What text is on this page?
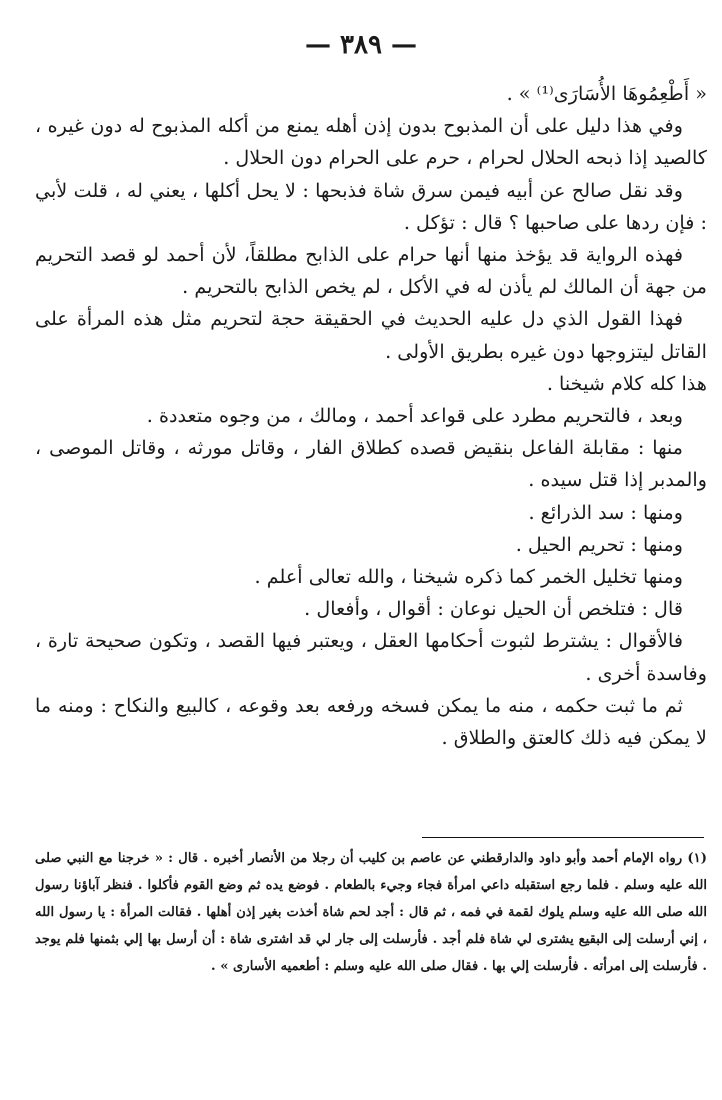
— ٣٨٩ —

« أَطْعِمُوهَا الأُسَارَى⁽¹⁾ » .

وفي هذا دليل على أن المذبوح بدون إذن أهله يمنع من أكله المذبوح له دون غيره ، كالصيد إذا ذبحه الحلال لحرام ، حرم على الحرام دون الحلال .

وقد نقل صالح عن أبيه فيمن سرق شاة فذبحها : لا يحل أكلها ، يعني له ، قلت لأبي : فإن ردها على صاحبها ؟ قال : تؤكل .

فهذه الرواية قد يؤخذ منها أنها حرام على الذابح مطلقاً، لأن أحمد لو قصد التحريم من جهة أن المالك لم يأذن له في الأكل ، لم يخص الذابح بالتحريم .

فهذا القول الذي دل عليه الحديث في الحقيقة حجة لتحريم مثل هذه المرأة على القاتل ليتزوجها دون غيره بطريق الأولى .

هذا كله كلام شيخنا .

وبعد ، فالتحريم مطرد على قواعد أحمد ، ومالك ، من وجوه متعددة .

منها : مقابلة الفاعل بنقيض قصده كطلاق الفار ، وقاتل مورثه ، وقاتل الموصى ، والمدبر إذا قتل سيده .

ومنها : سد الذرائع .

ومنها : تحريم الحيل .

ومنها تخليل الخمر كما ذكره شيخنا ، والله تعالى أعلم .

قال : فتلخص أن الحيل نوعان : أقوال ، وأفعال .

فالأقوال : يشترط لثبوت أحكامها العقل ، ويعتبر فيها القصد ، وتكون صحيحة تارة ، وفاسدة أخرى .

ثم ما ثبت حكمه ، منه ما يمكن فسخه ورفعه بعد وقوعه ، كالبيع والنكاح : ومنه ما لا يمكن فيه ذلك كالعتق والطلاق .

(١) رواه الإمام أحمد وأبو داود والدارقطني عن عاصم بن كليب أن رجلا من الأنصار أخبره . قال : « خرجنا مع النبي صلى الله عليه وسلم . فلما رجع استقبله داعي امرأة فجاء وجيء بالطعام . فوضع يده ثم وضع القوم فأكلوا . فنظر آباؤنا رسول الله صلى الله عليه وسلم يلوك لقمة في فمه ، ثم قال : أجد لحم شاة أخذت بغير إذن أهلها . فقالت المرأة : يا رسول الله ، إني أرسلت إلى البقيع يشترى لي شاة فلم أجد . فأرسلت إلى جار لي قد اشترى شاة : أن أرسل بها إلي بثمنها فلم يوجد . فأرسلت إلى امرأته . فأرسلت إلي بها . فقال صلى الله عليه وسلم : أطعميه الأسارى » .
